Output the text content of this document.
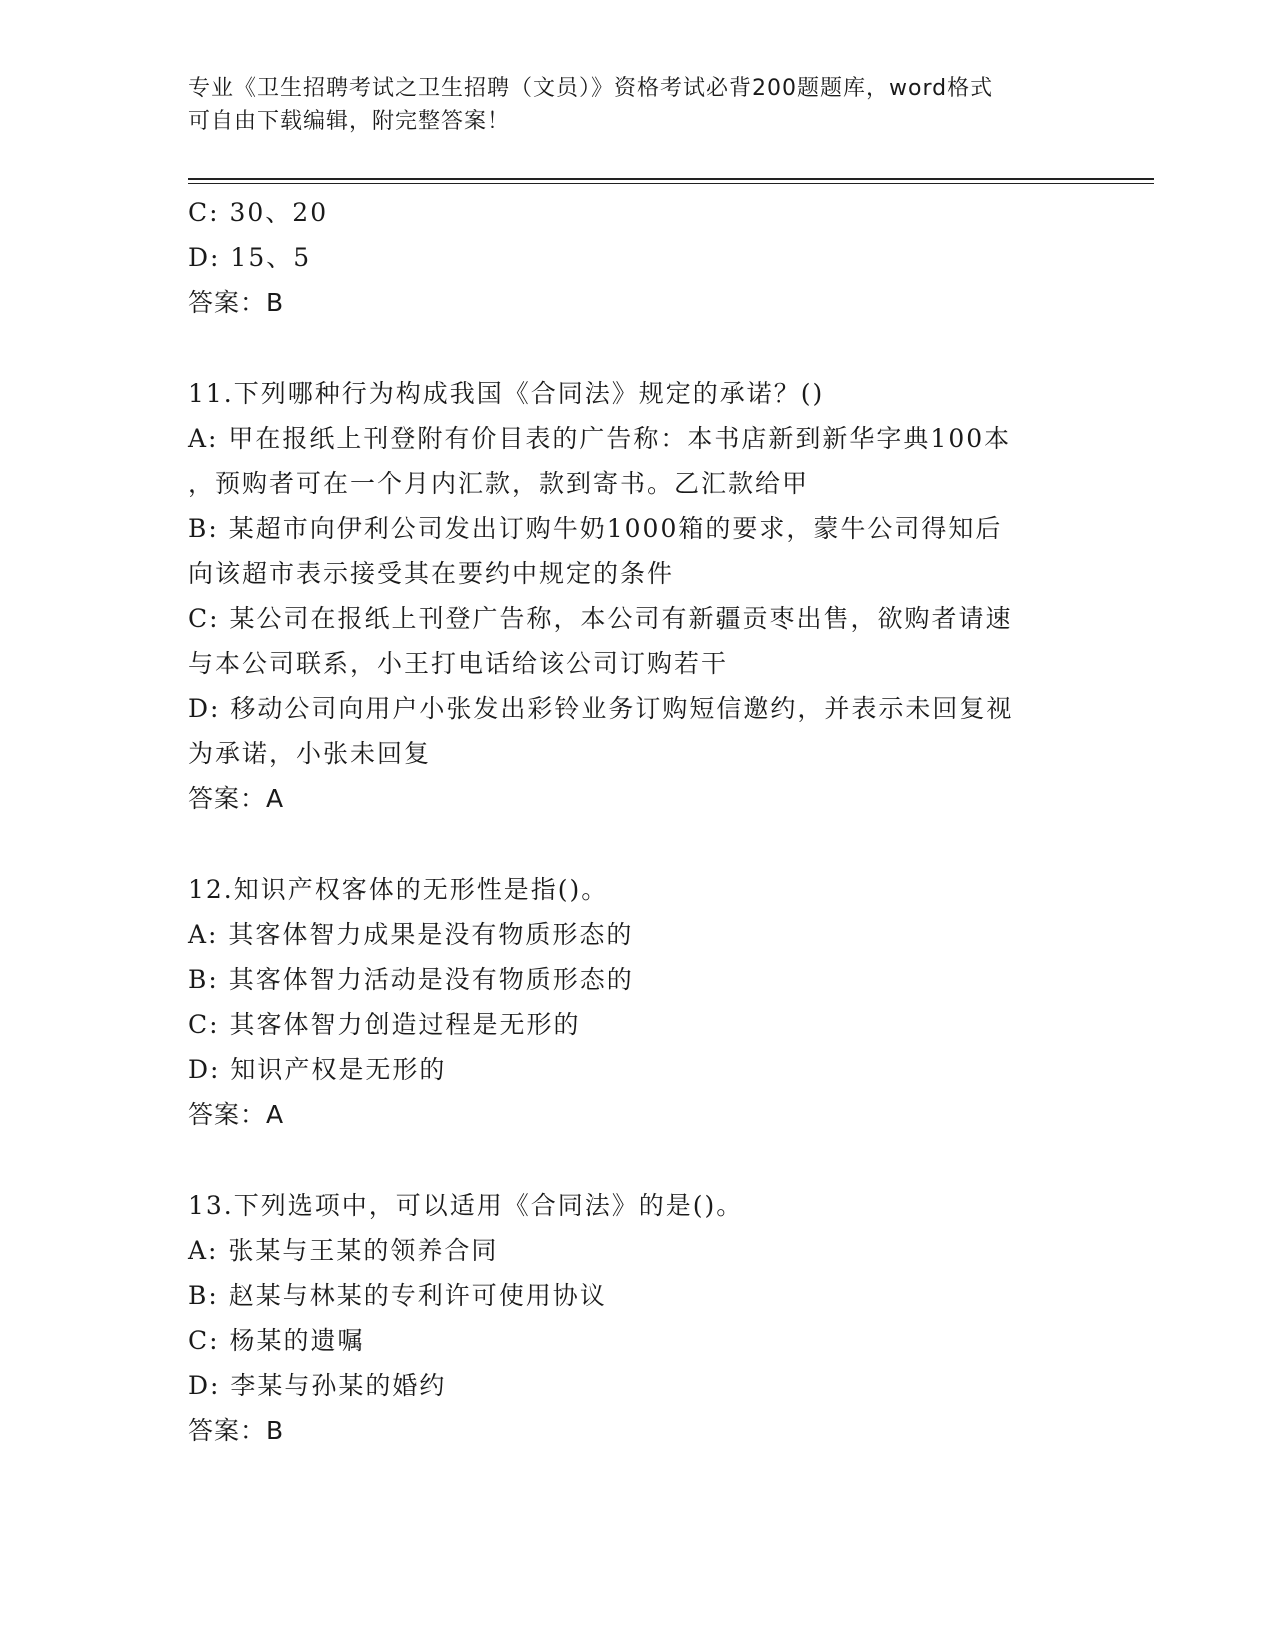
专业《卫生招聘考试之卫生招聘（文员）》资格考试必背200题题库，word格式
可自由下载编辑，附完整答案！
C: 30、20
D: 15、5
答案：B
11.下列哪种行为构成我国《合同法》规定的承诺？()
A: 甲在报纸上刊登附有价目表的广告称：本书店新到新华字典100本
，预购者可在一个月内汇款，款到寄书。乙汇款给甲
B: 某超市向伊利公司发出订购牛奶1000箱的要求，蒙牛公司得知后
向该超市表示接受其在要约中规定的条件
C: 某公司在报纸上刊登广告称，本公司有新疆贡枣出售，欲购者请速
与本公司联系，小王打电话给该公司订购若干
D: 移动公司向用户小张发出彩铃业务订购短信邀约，并表示未回复视
为承诺，小张未回复
答案：A
12.知识产权客体的无形性是指()。
A: 其客体智力成果是没有物质形态的
B: 其客体智力活动是没有物质形态的
C: 其客体智力创造过程是无形的
D: 知识产权是无形的
答案：A
13.下列选项中，可以适用《合同法》的是()。
A: 张某与王某的领养合同
B: 赵某与林某的专利许可使用协议
C: 杨某的遗嘱
D: 李某与孙某的婚约
答案：B
